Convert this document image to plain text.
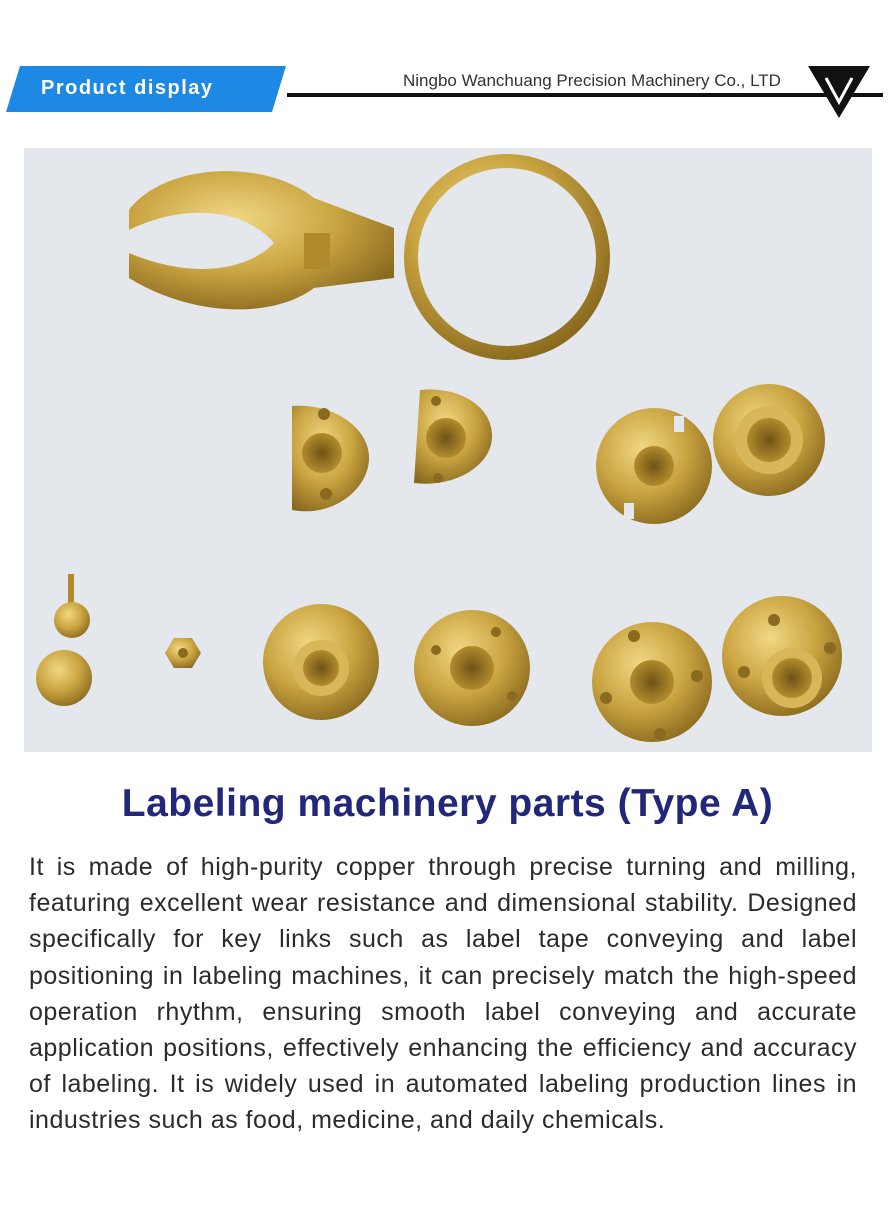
Product display	Ningbo Wanchuang Precision Machinery Co., LTD
Labeling machinery parts (Type A)
It is made of high-purity copper through precise turning and milling, featuring excellent wear resistance and dimensional stability. Designed specifically for key links such as label tape conveying and label positioning in labeling machines, it can precisely match the high-speed operation rhythm, ensuring smooth label conveying and accurate application positions, effectively enhancing the efficiency and accuracy of labeling. It is widely used in automated labeling production lines in industries such as food, medicine, and daily chemicals.
